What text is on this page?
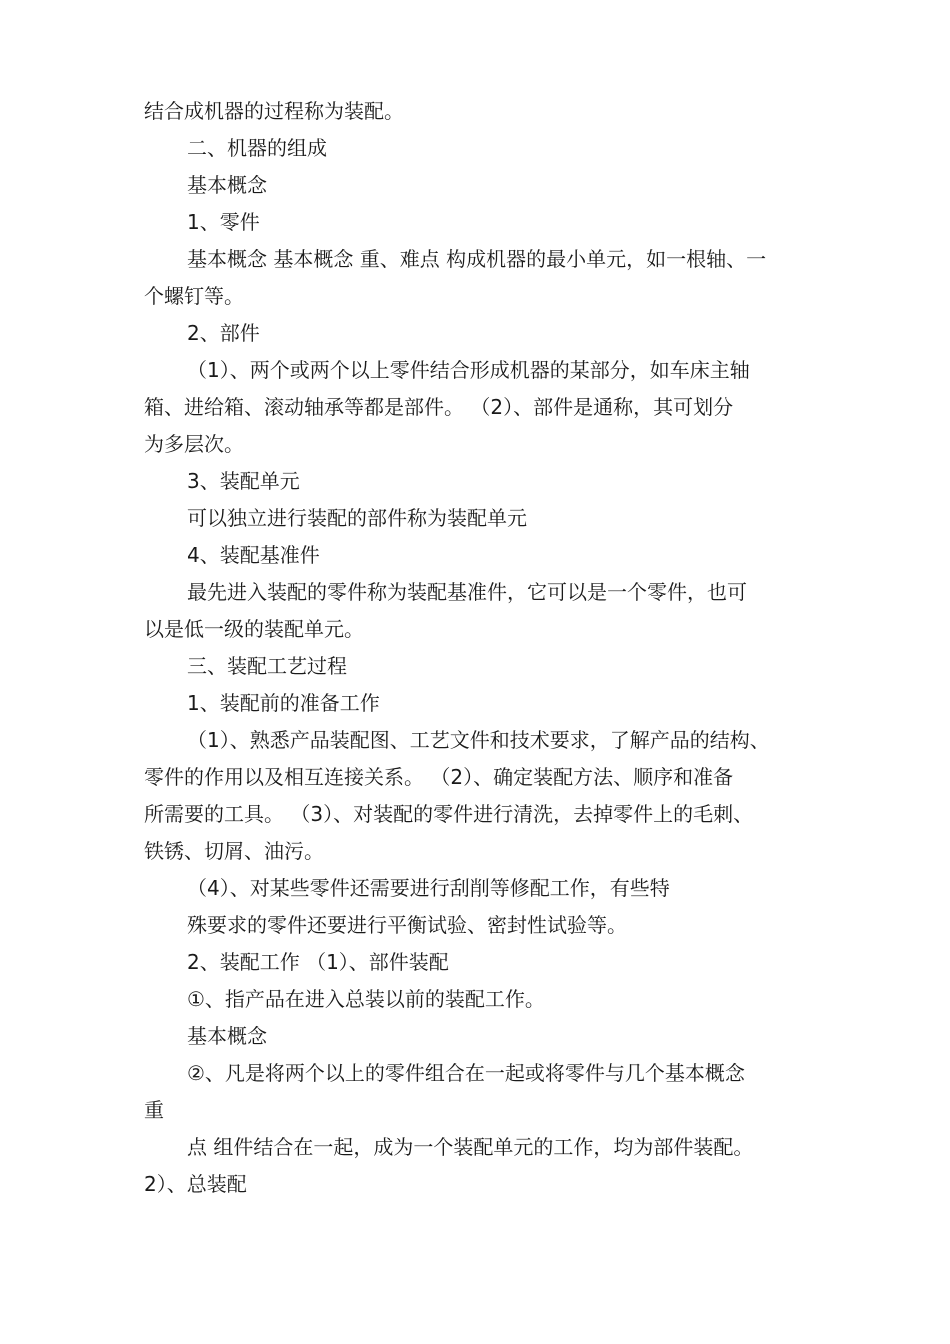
结合成机器的过程称为装配。
二、机器的组成
基本概念
1、零件
基本概念 基本概念 重、难点 构成机器的最小单元，如一根轴、一
个螺钉等。
2、部件
（1）、两个或两个以上零件结合形成机器的某部分，如车床主轴
箱、进给箱、滚动轴承等都是部件。 （2）、部件是通称，其可划分
为多层次。
3、装配单元
可以独立进行装配的部件称为装配单元
4、装配基准件
最先进入装配的零件称为装配基准件，它可以是一个零件，也可
以是低一级的装配单元。
三、装配工艺过程
1、装配前的准备工作
（1）、熟悉产品装配图、工艺文件和技术要求，了解产品的结构、
零件的作用以及相互连接关系。 （2）、确定装配方法、顺序和准备
所需要的工具。 （3）、对装配的零件进行清洗，去掉零件上的毛刺、
铁锈、切屑、油污。
（4）、对某些零件还需要进行刮削等修配工作，有些特
殊要求的零件还要进行平衡试验、密封性试验等。
2、装配工作 （1）、部件装配
①、指产品在进入总装以前的装配工作。
基本概念
②、凡是将两个以上的零件组合在一起或将零件与几个基本概念
重
点 组件结合在一起，成为一个装配单元的工作，均为部件装配。
2）、总装配
